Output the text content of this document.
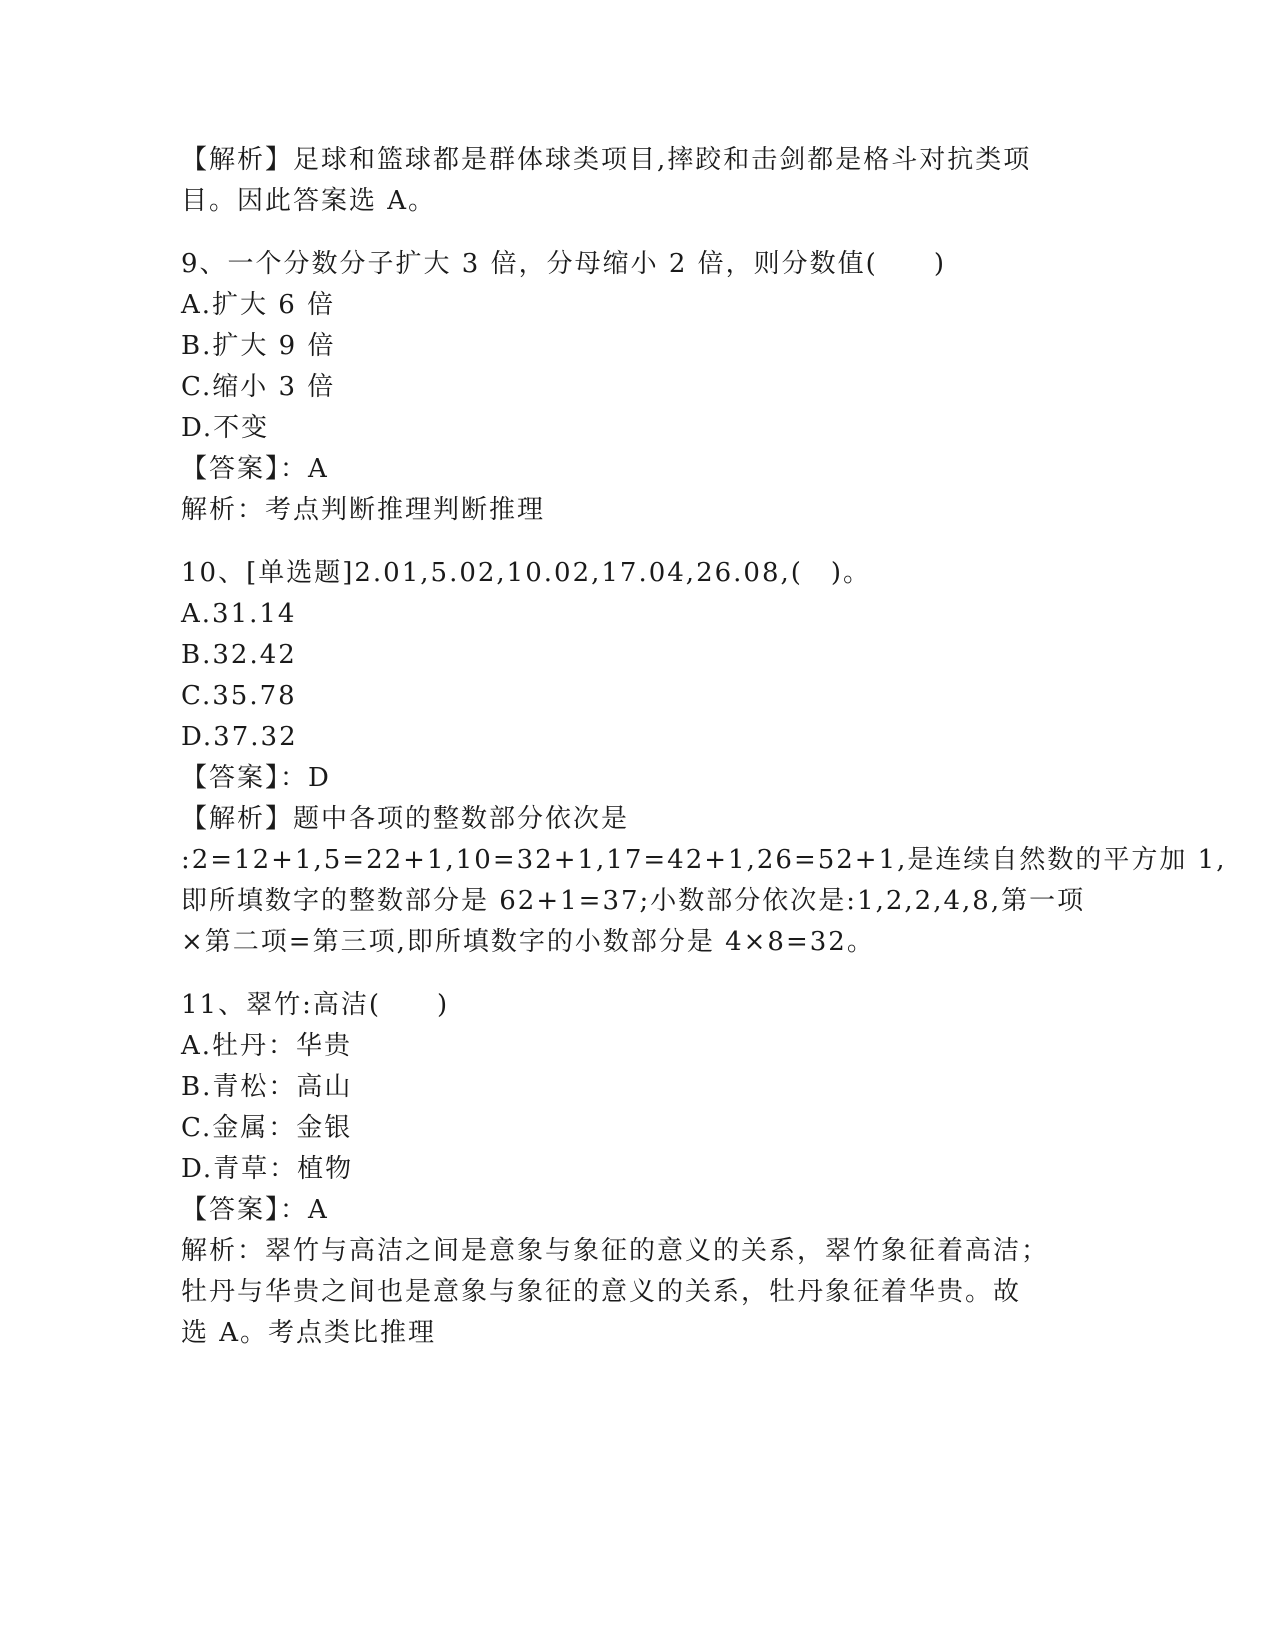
【解析】足球和篮球都是群体球类项目,摔跤和击剑都是格斗对抗类项
目。因此答案选 A。
9、一个分数分子扩大 3 倍，分母缩小 2 倍，则分数值(　　)
A.扩大 6 倍
B.扩大 9 倍
C.缩小 3 倍
D.不变
【答案】：A
解析：考点判断推理判断推理
10、[单选题]2.01,5.02,10.02,17.04,26.08,(　)。
A.31.14
B.32.42
C.35.78
D.37.32
【答案】：D
【解析】题中各项的整数部分依次是
:2=12+1,5=22+1,10=32+1,17=42+1,26=52+1,是连续自然数的平方加 1,
即所填数字的整数部分是 62+1=37;小数部分依次是:1,2,2,4,8,第一项
×第二项=第三项,即所填数字的小数部分是 4×8=32。
11、翠竹:高洁(　　)
A.牡丹：华贵
B.青松：高山
C.金属：金银
D.青草：植物
【答案】：A
解析：翠竹与高洁之间是意象与象征的意义的关系，翠竹象征着高洁；
牡丹与华贵之间也是意象与象征的意义的关系，牡丹象征着华贵。故
选 A。考点类比推理
